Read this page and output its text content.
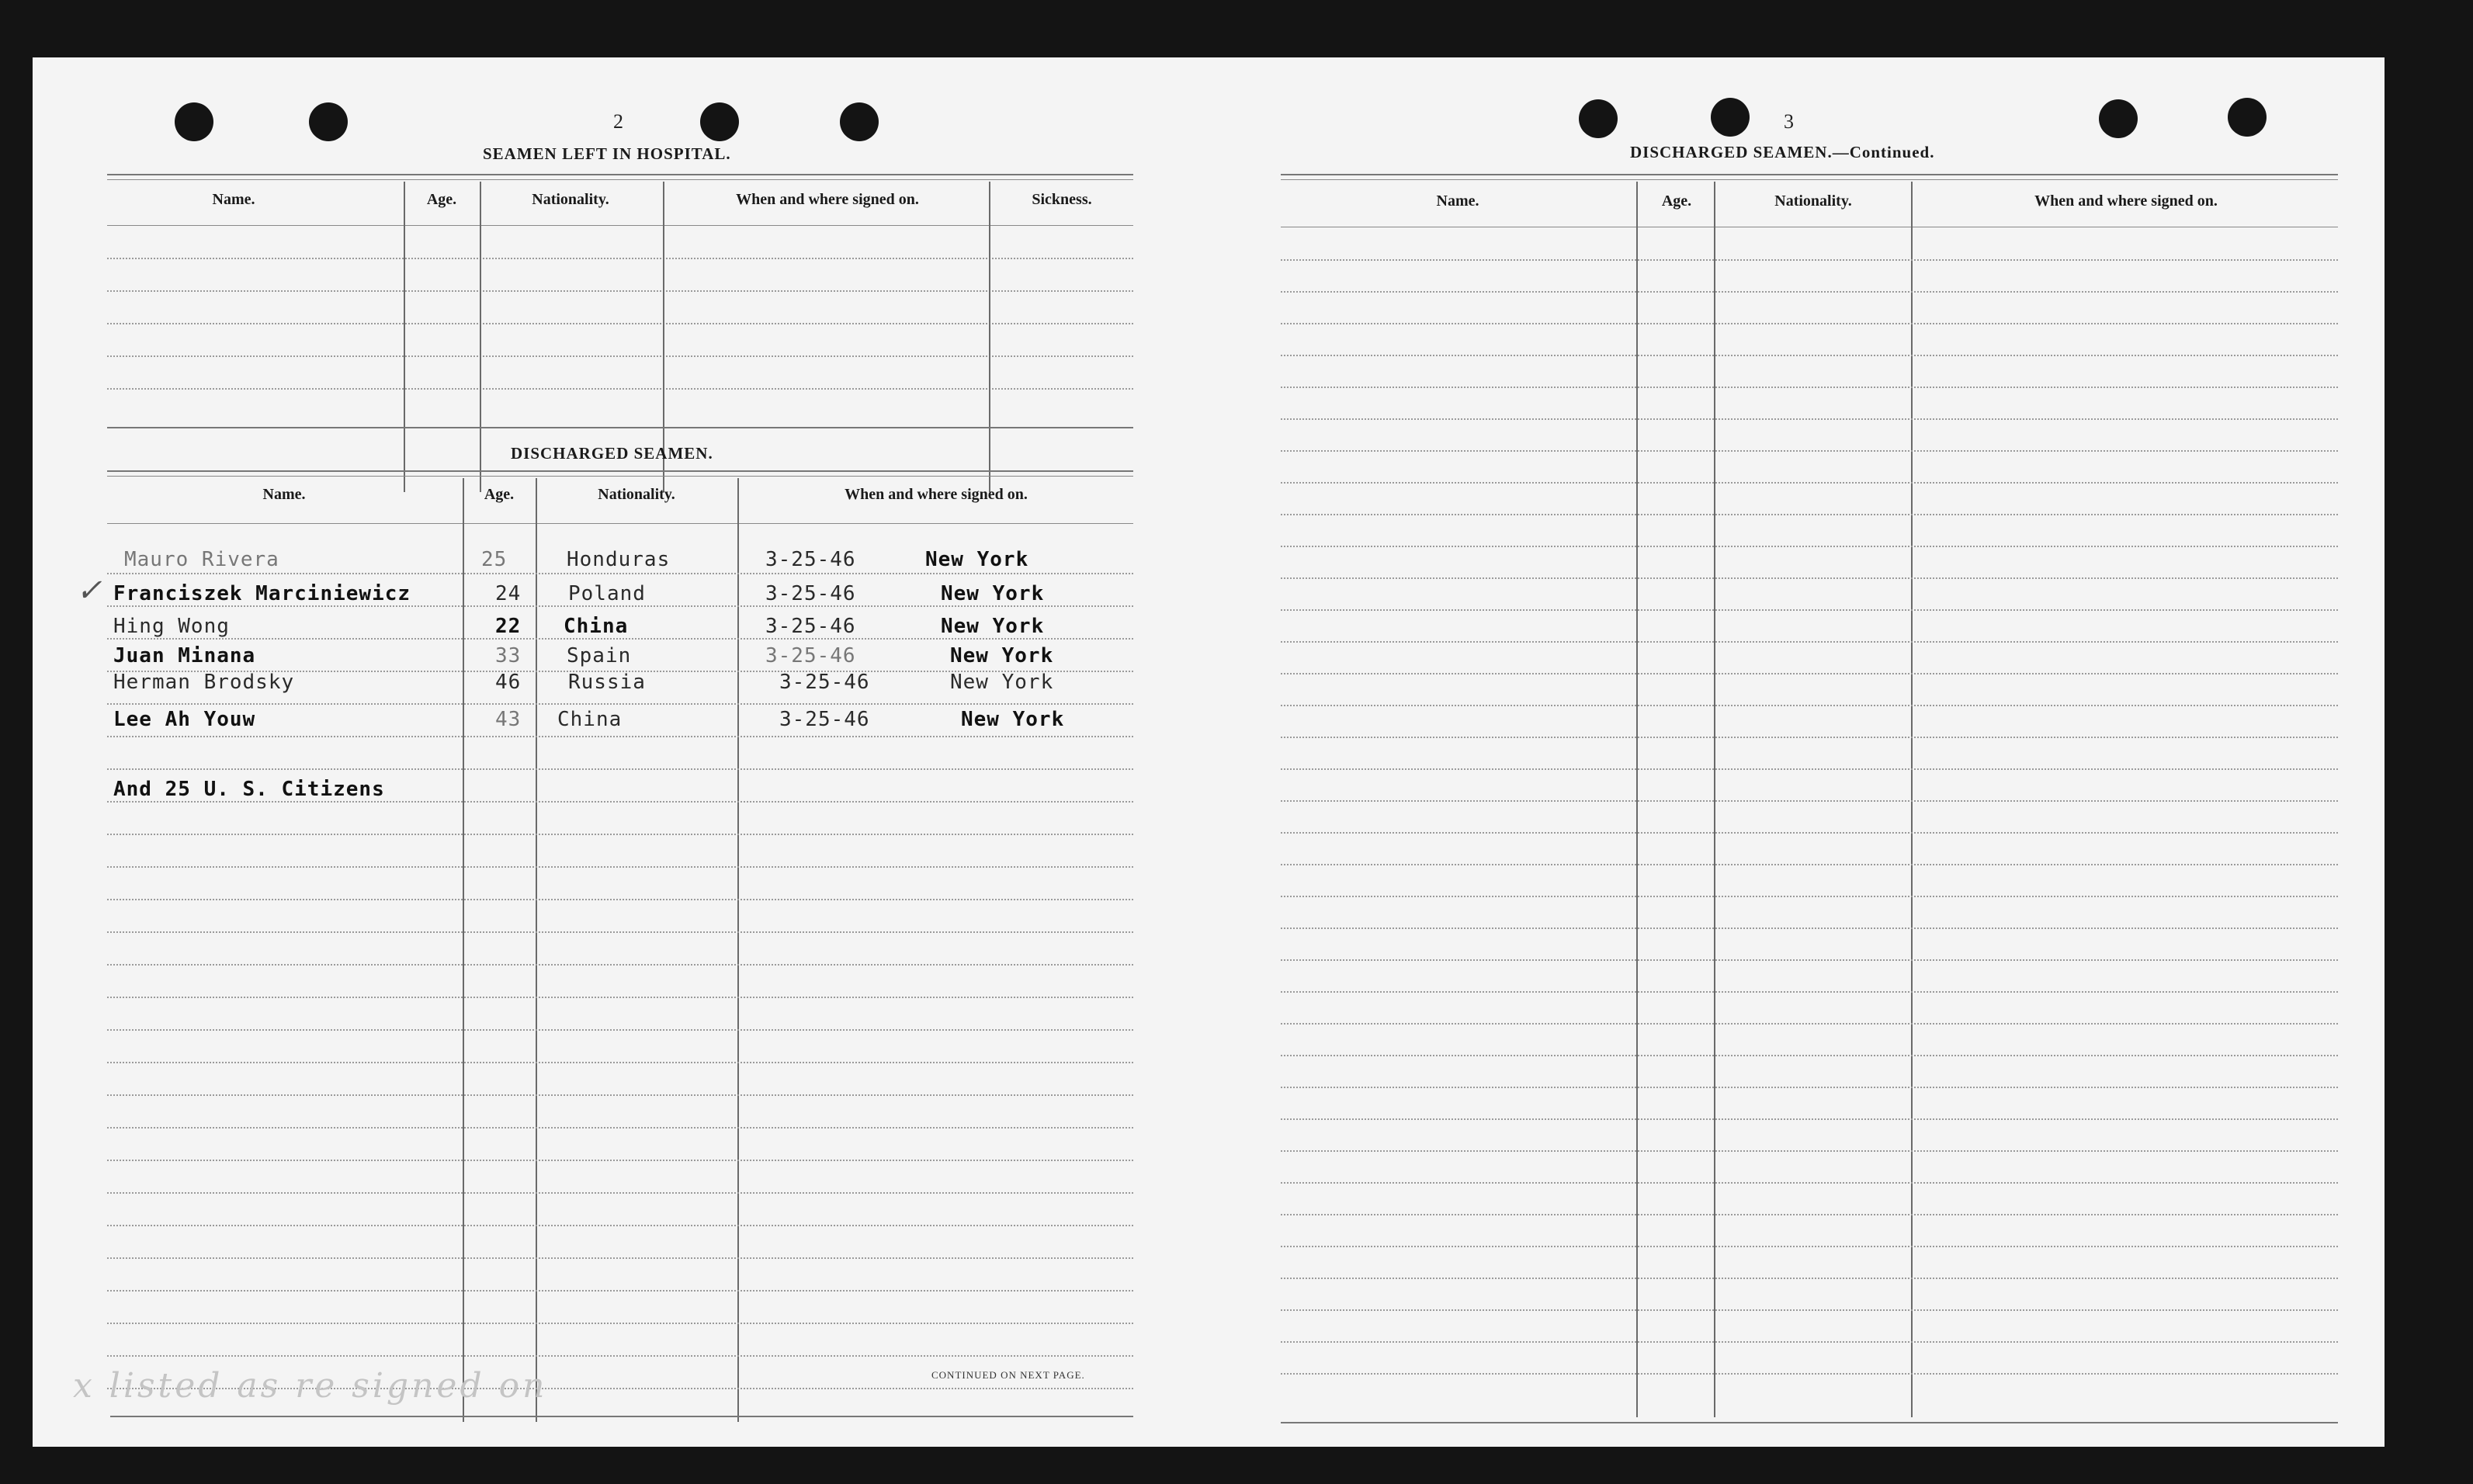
2
SEAMEN LEFT IN HOSPITAL.
Name.	Age.	Nationality.	When and where signed on.	Sickness.
DISCHARGED SEAMEN.
Name.	Age.	Nationality.	When and where signed on.
✓
Mauro Rivera	25	Honduras	3-25-46	New York
Franciszek Marciniewicz	24 Poland	3-25-46	New York
Hing Wong	22 China	3-25-46	New York
Juan Minana	33 Spain	3-25-46	New York
Herman Brodsky	46 Russia	3-25-46	New York
Lee Ah Youw	43 China	3-25-46	New York
And 25 U. S. Citizens
CONTINUED ON NEXT PAGE.
x listed as re signed on
3
DISCHARGED SEAMEN.—Continued.
Name.	Age.	Nationality.	When and where signed on.
